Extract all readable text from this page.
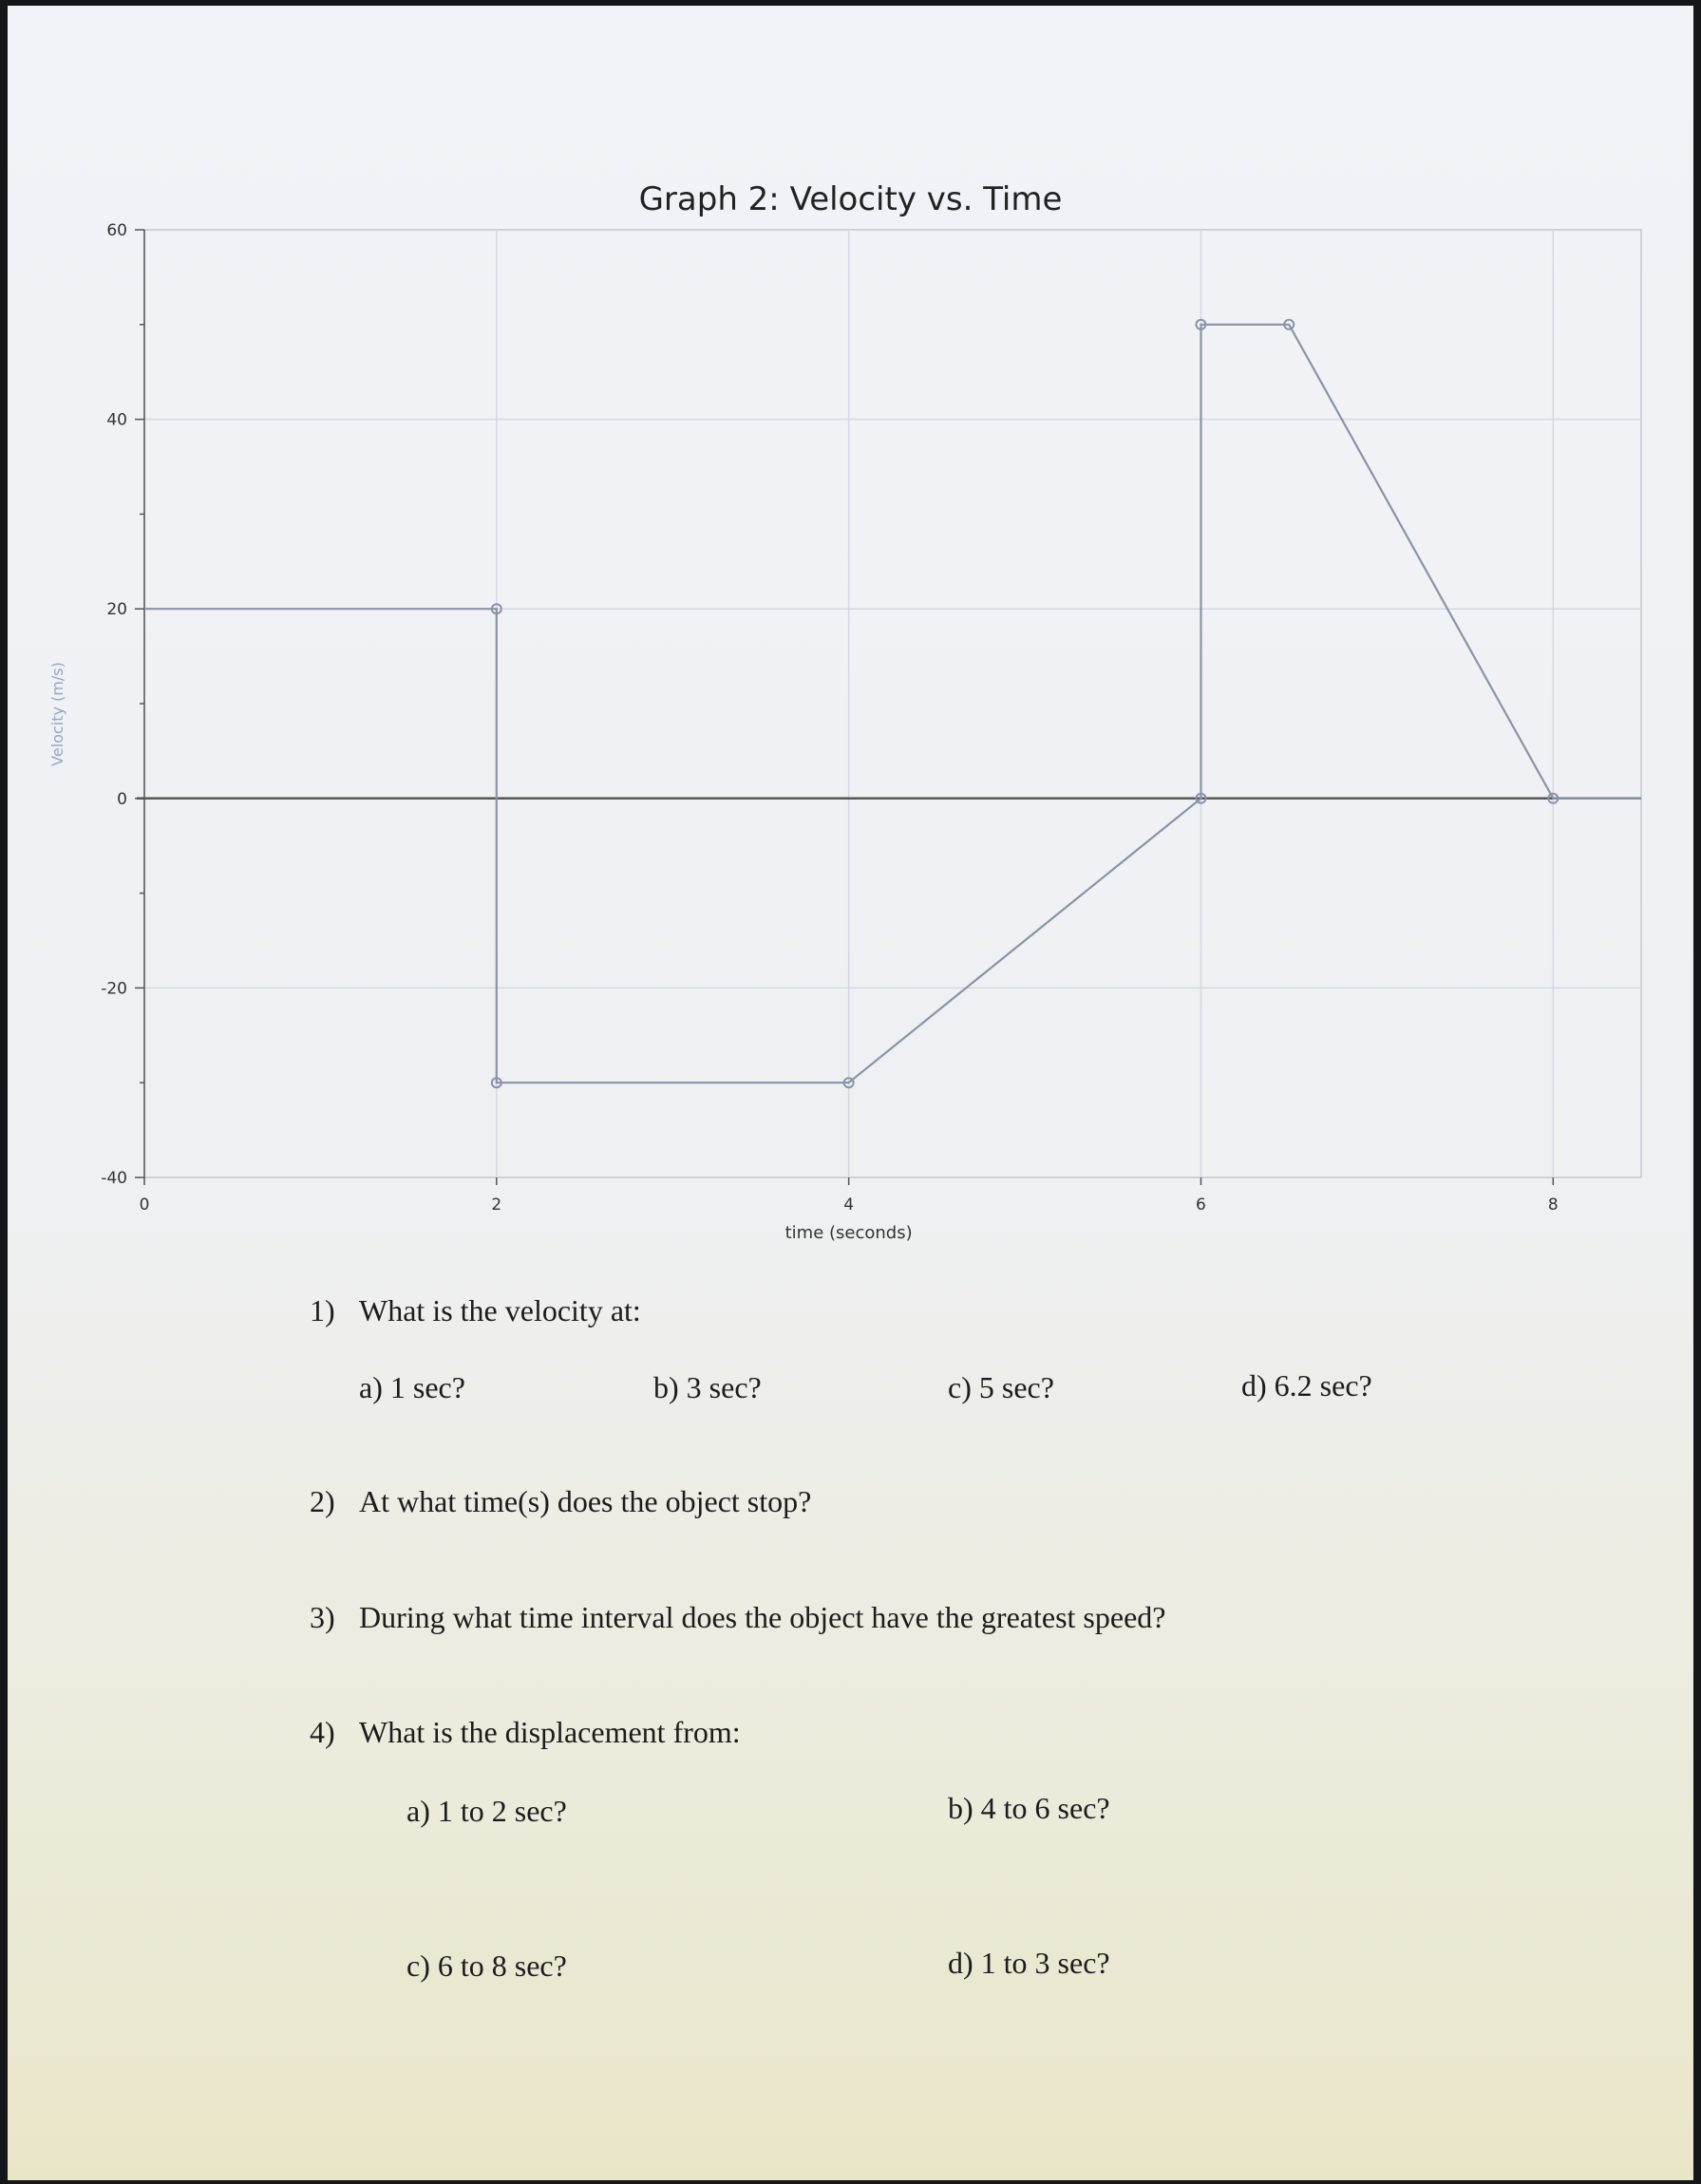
Graph 2: Velocity vs. Time
-40
-20
0
20
40
60
0	2	4	6	8
time (seconds)
Velocity (m/s)
1) What is the velocity at:
a) 1 sec?	b) 3 sec?	c) 5 sec?	d) 6.2 sec?
2) At what time(s) does the object stop?
3) During what time interval does the object have the greatest speed?
4) What is the displacement from:
a) 1 to 2 sec?	b) 4 to 6 sec?
c) 6 to 8 sec?	d) 1 to 3 sec?
